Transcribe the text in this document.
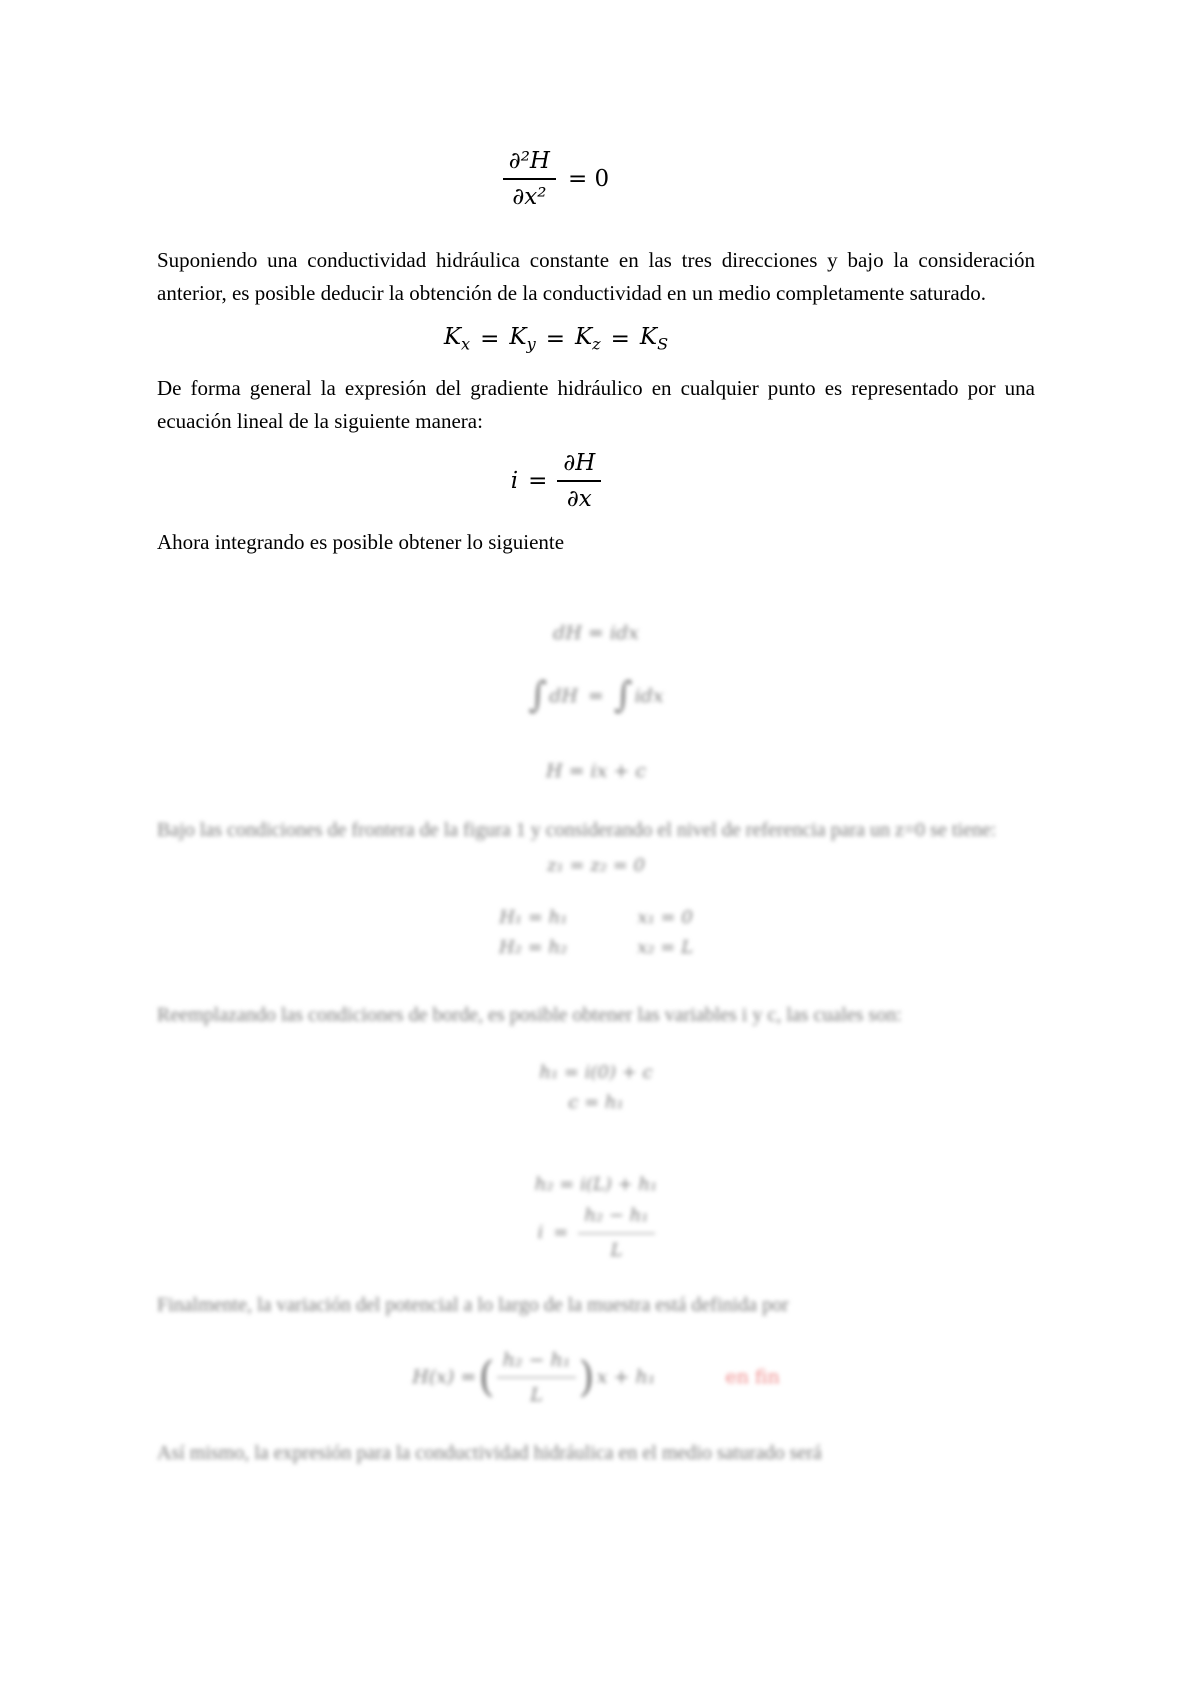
$\frac{\text{∂²H}}{\text{∂x²}} = 0$

Suponiendo una conductividad hidráulica constante en las tres direcciones y bajo la consideración anterior, es posible deducir la obtención de la conductividad en un medio completamente saturado.

$K_x = K_y = K_z = K_S$

De forma general la expresión del gradiente hidráulico en cualquier punto es representado por una ecuación lineal de la siguiente manera:

$i = \frac{\partial H}{\partial x}$

Ahora integrando es posible obtener lo siguiente

dH = idx
∫ dH = ∫ idx
H = ix + c

Bajo las condiciones de frontera de la figura 1 y considerando el nivel de referencia para un z=0 se tiene:

z₁ = z₂ = 0
H₁ = h₁	x₁ = 0
H₂ = h₂	x₂ = L

Reemplazando las condiciones de borde, es posible obtener las variables i y c, las cuales son:

h₁ = i(0) + c
c = h₁
h₂ = i(L) + h₁
$i = \frac{\text{h₂ − h₁}}{L}$

Finalmente, la variación del potencial a lo largo de la muestra está definida por

H(x) = ( $\frac{\text{h₂ − h₁}}{L}$ ) x + h₁	en fin

Así mismo, la expresión para la conductividad hidráulica en el medio saturado será
